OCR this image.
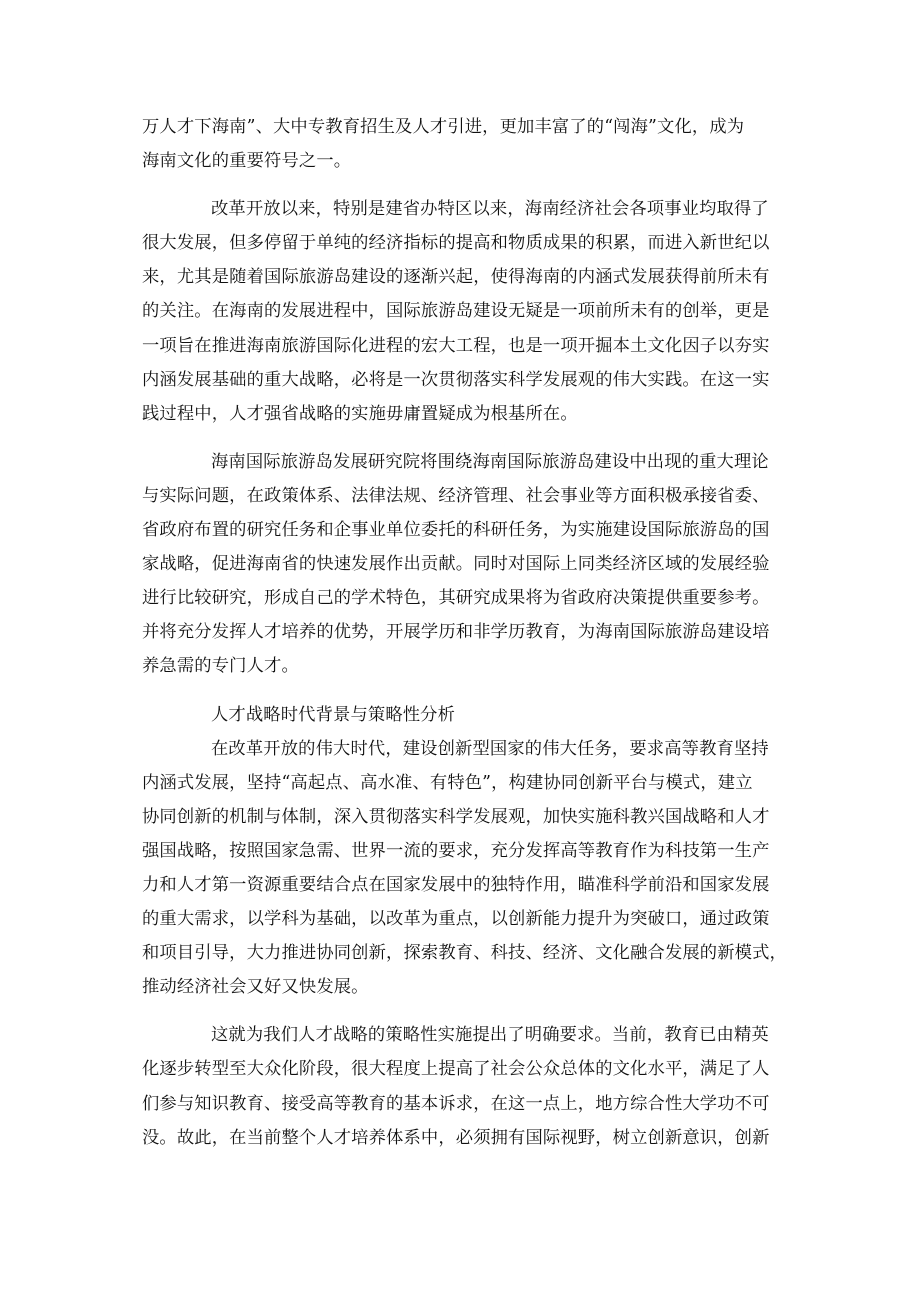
万人才下海南”、大中专教育招生及人才引进，更加丰富了的“闯海”文化，成为
海南文化的重要符号之一。
改革开放以来，特别是建省办特区以来，海南经济社会各项事业均取得了
很大发展，但多停留于单纯的经济指标的提高和物质成果的积累，而进入新世纪以
来，尤其是随着国际旅游岛建设的逐渐兴起，使得海南的内涵式发展获得前所未有
的关注。在海南的发展进程中，国际旅游岛建设无疑是一项前所未有的创举，更是
一项旨在推进海南旅游国际化进程的宏大工程，也是一项开掘本土文化因子以夯实
内涵发展基础的重大战略，必将是一次贯彻落实科学发展观的伟大实践。在这一实
践过程中，人才强省战略的实施毋庸置疑成为根基所在。
海南国际旅游岛发展研究院将围绕海南国际旅游岛建设中出现的重大理论
与实际问题，在政策体系、法律法规、经济管理、社会事业等方面积极承接省委、
省政府布置的研究任务和企事业单位委托的科研任务，为实施建设国际旅游岛的国
家战略，促进海南省的快速发展作出贡献。同时对国际上同类经济区域的发展经验
进行比较研究，形成自己的学术特色，其研究成果将为省政府决策提供重要参考。
并将充分发挥人才培养的优势，开展学历和非学历教育，为海南国际旅游岛建设培
养急需的专门人才。
人才战略时代背景与策略性分析
在改革开放的伟大时代，建设创新型国家的伟大任务，要求高等教育坚持
内涵式发展，坚持“高起点、高水准、有特色”，构建协同创新平台与模式，建立
协同创新的机制与体制，深入贯彻落实科学发展观，加快实施科教兴国战略和人才
强国战略，按照国家急需、世界一流的要求，充分发挥高等教育作为科技第一生产
力和人才第一资源重要结合点在国家发展中的独特作用，瞄准科学前沿和国家发展
的重大需求，以学科为基础，以改革为重点，以创新能力提升为突破口，通过政策
和项目引导，大力推进协同创新，探索教育、科技、经济、文化融合发展的新模式，
推动经济社会又好又快发展。
这就为我们人才战略的策略性实施提出了明确要求。当前，教育已由精英
化逐步转型至大众化阶段，很大程度上提高了社会公众总体的文化水平，满足了人
们参与知识教育、接受高等教育的基本诉求，在这一点上，地方综合性大学功不可
没。故此，在当前整个人才培养体系中，必须拥有国际视野，树立创新意识，创新
